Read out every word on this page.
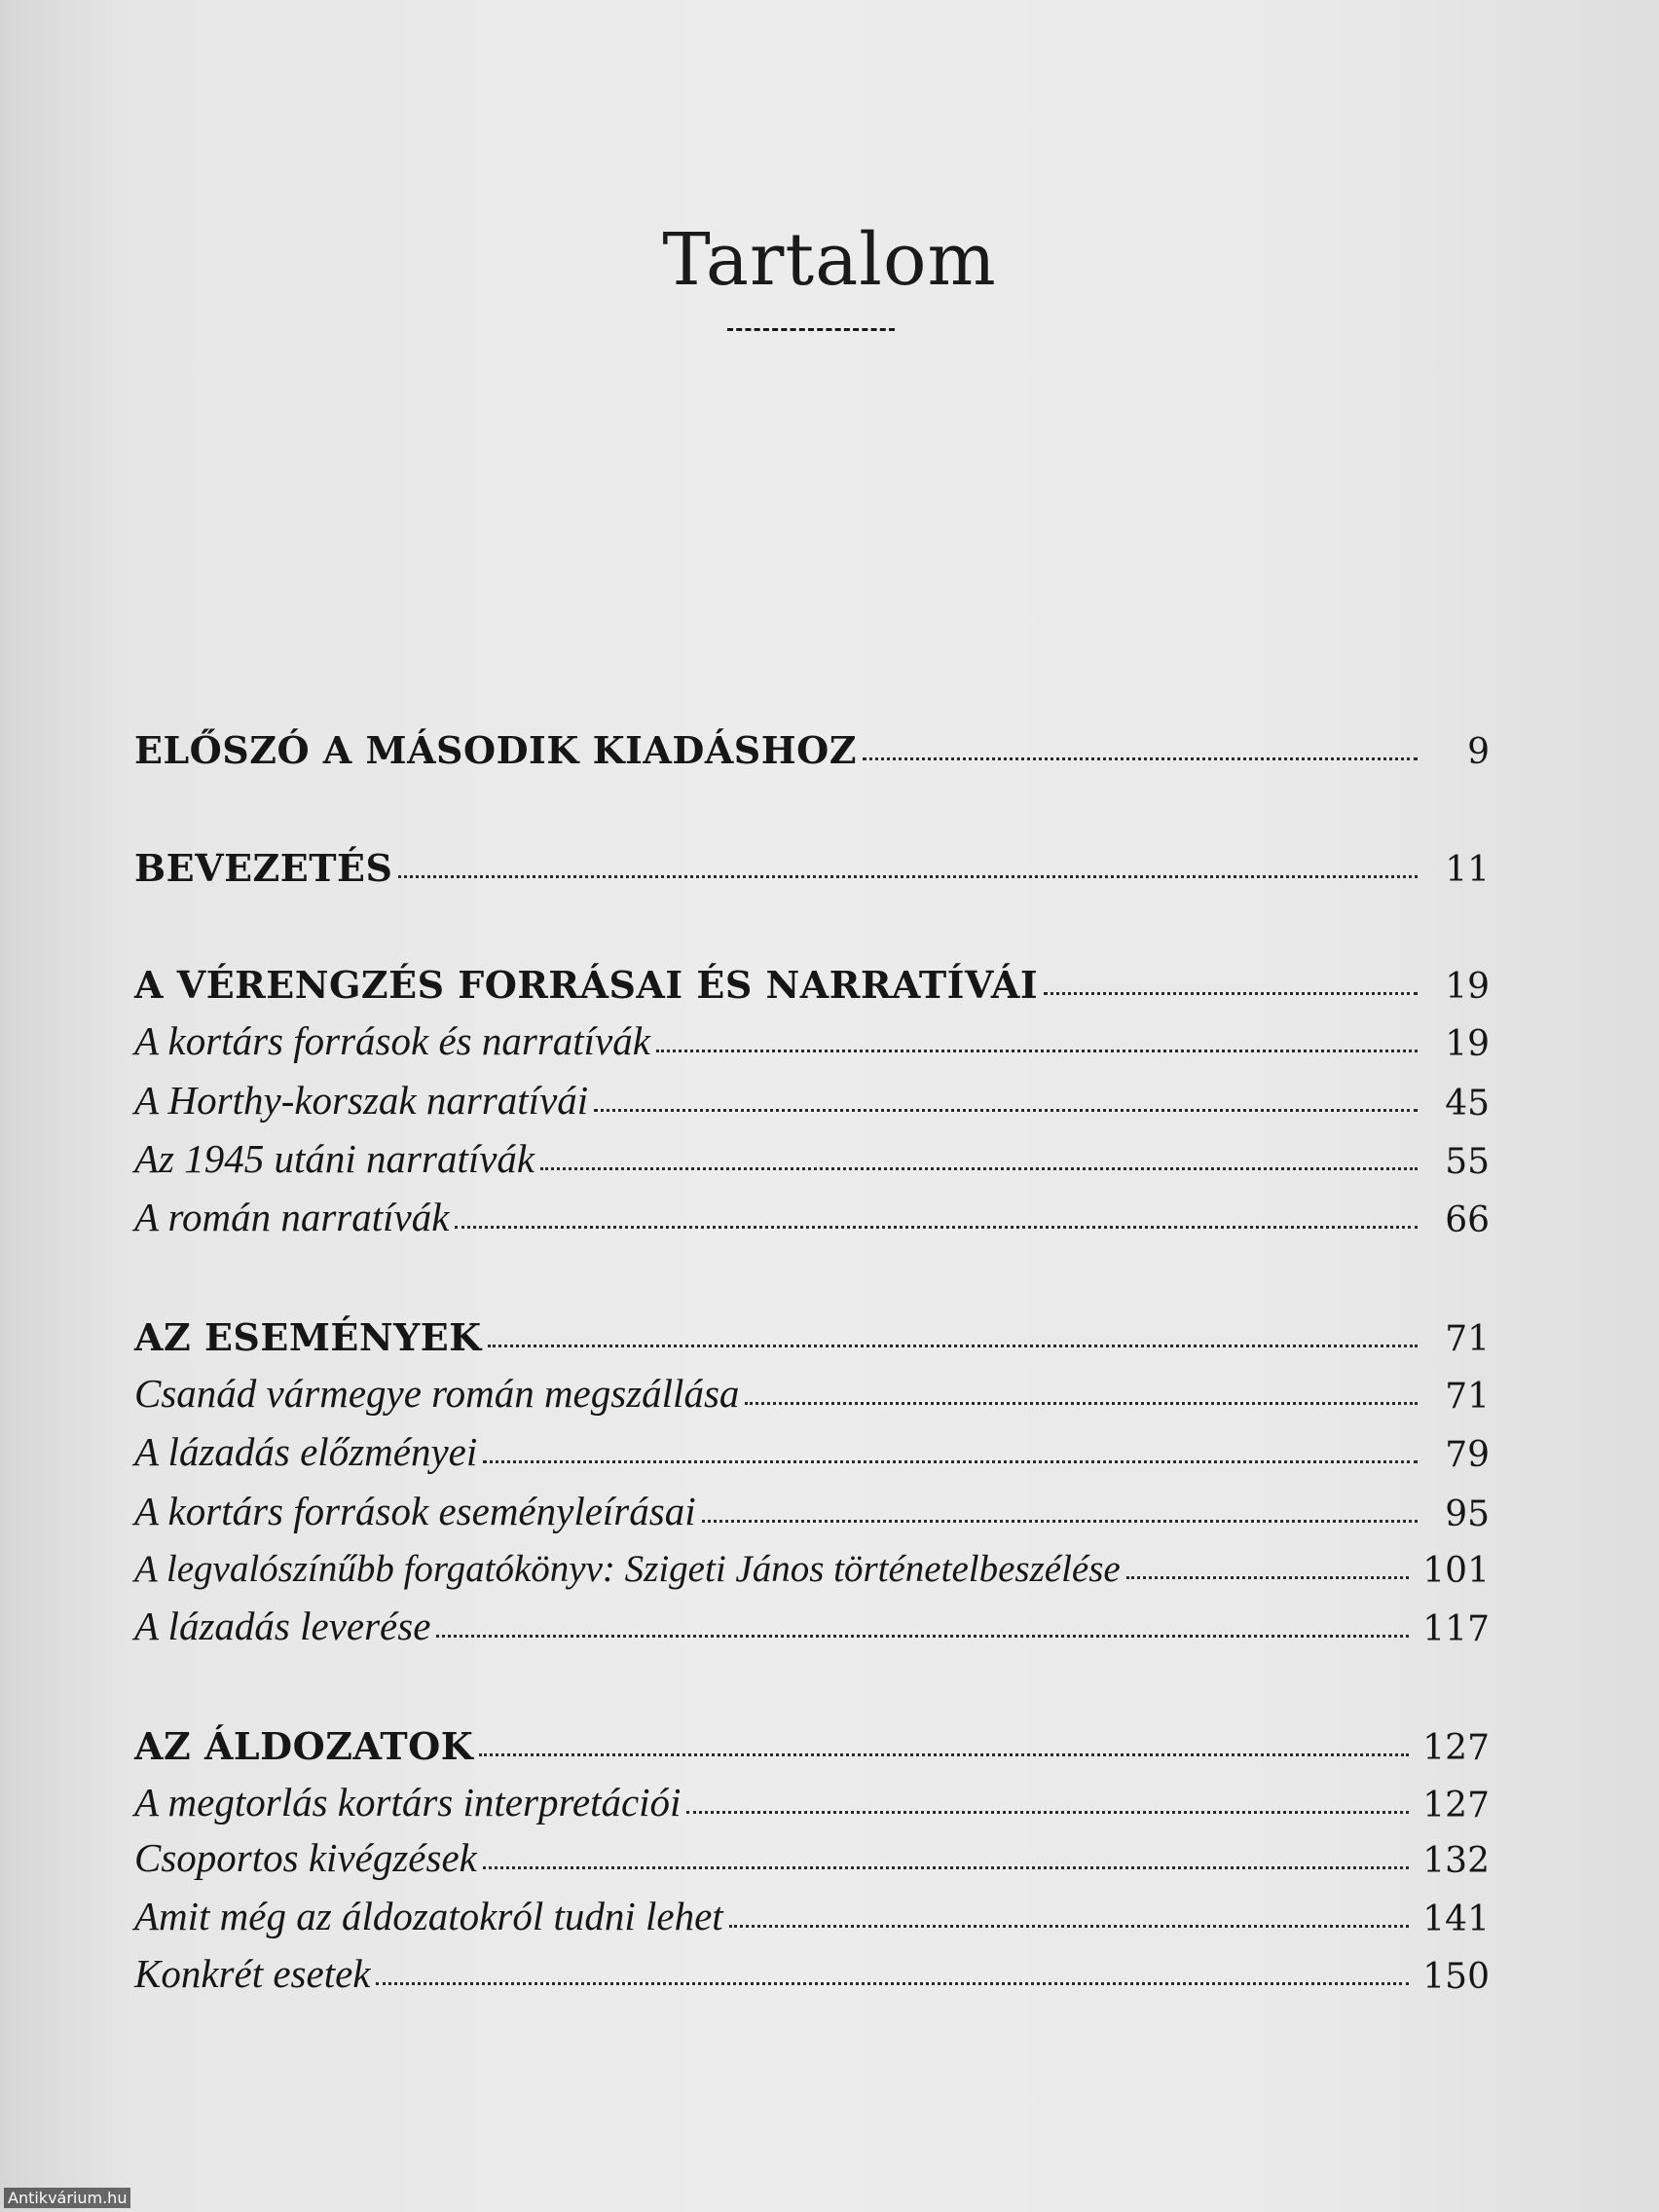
Tartalom
ELŐSZÓ A MÁSODIK KIADÁSHOZ	9
BEVEZETÉS	11
A VÉRENGZÉS FORRÁSAI ÉS NARRATÍVÁI	19
A kortárs források és narratívák	19
A Horthy-korszak narratívái	45
Az 1945 utáni narratívák	55
A román narratívák	66
AZ ESEMÉNYEK	71
Csanád vármegye román megszállása	71
A lázadás előzményei	79
A kortárs források eseményleírásai	95
A legvalószínűbb forgatókönyv: Szigeti János történetelbeszélése	101
A lázadás leverése	117
AZ ÁLDOZATOK	127
A megtorlás kortárs interpretációi	127
Csoportos kivégzések	132
Amit még az áldozatokról tudni lehet	141
Konkrét esetek	150
Antikvárium.hu
